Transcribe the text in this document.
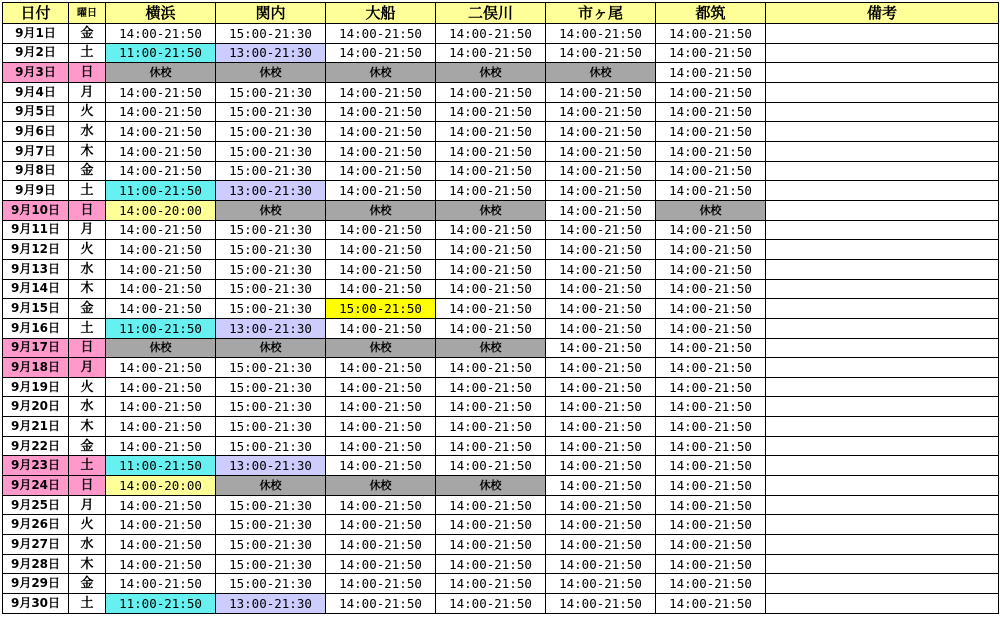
日付	曜日	横浜	関内	大船	二俣川	市ヶ尾	都筑	備考
9月1日	金	14:00-21:50	15:00-21:30	14:00-21:50	14:00-21:50	14:00-21:50	14:00-21:50	
9月2日	土	11:00-21:50	13:00-21:30	14:00-21:50	14:00-21:50	14:00-21:50	14:00-21:50	
9月3日	日	休校	休校	休校	休校	休校	14:00-21:50	
9月4日	月	14:00-21:50	15:00-21:30	14:00-21:50	14:00-21:50	14:00-21:50	14:00-21:50	
9月5日	火	14:00-21:50	15:00-21:30	14:00-21:50	14:00-21:50	14:00-21:50	14:00-21:50	
9月6日	水	14:00-21:50	15:00-21:30	14:00-21:50	14:00-21:50	14:00-21:50	14:00-21:50	
9月7日	木	14:00-21:50	15:00-21:30	14:00-21:50	14:00-21:50	14:00-21:50	14:00-21:50	
9月8日	金	14:00-21:50	15:00-21:30	14:00-21:50	14:00-21:50	14:00-21:50	14:00-21:50	
9月9日	土	11:00-21:50	13:00-21:30	14:00-21:50	14:00-21:50	14:00-21:50	14:00-21:50	
9月10日	日	14:00-20:00	休校	休校	休校	14:00-21:50	休校	
9月11日	月	14:00-21:50	15:00-21:30	14:00-21:50	14:00-21:50	14:00-21:50	14:00-21:50	
9月12日	火	14:00-21:50	15:00-21:30	14:00-21:50	14:00-21:50	14:00-21:50	14:00-21:50	
9月13日	水	14:00-21:50	15:00-21:30	14:00-21:50	14:00-21:50	14:00-21:50	14:00-21:50	
9月14日	木	14:00-21:50	15:00-21:30	14:00-21:50	14:00-21:50	14:00-21:50	14:00-21:50	
9月15日	金	14:00-21:50	15:00-21:30	15:00-21:50	14:00-21:50	14:00-21:50	14:00-21:50	
9月16日	土	11:00-21:50	13:00-21:30	14:00-21:50	14:00-21:50	14:00-21:50	14:00-21:50	
9月17日	日	休校	休校	休校	休校	14:00-21:50	14:00-21:50	
9月18日	月	14:00-21:50	15:00-21:30	14:00-21:50	14:00-21:50	14:00-21:50	14:00-21:50	
9月19日	火	14:00-21:50	15:00-21:30	14:00-21:50	14:00-21:50	14:00-21:50	14:00-21:50	
9月20日	水	14:00-21:50	15:00-21:30	14:00-21:50	14:00-21:50	14:00-21:50	14:00-21:50	
9月21日	木	14:00-21:50	15:00-21:30	14:00-21:50	14:00-21:50	14:00-21:50	14:00-21:50	
9月22日	金	14:00-21:50	15:00-21:30	14:00-21:50	14:00-21:50	14:00-21:50	14:00-21:50	
9月23日	土	11:00-21:50	13:00-21:30	14:00-21:50	14:00-21:50	14:00-21:50	14:00-21:50	
9月24日	日	14:00-20:00	休校	休校	休校	14:00-21:50	14:00-21:50	
9月25日	月	14:00-21:50	15:00-21:30	14:00-21:50	14:00-21:50	14:00-21:50	14:00-21:50	
9月26日	火	14:00-21:50	15:00-21:30	14:00-21:50	14:00-21:50	14:00-21:50	14:00-21:50	
9月27日	水	14:00-21:50	15:00-21:30	14:00-21:50	14:00-21:50	14:00-21:50	14:00-21:50	
9月28日	木	14:00-21:50	15:00-21:30	14:00-21:50	14:00-21:50	14:00-21:50	14:00-21:50	
9月29日	金	14:00-21:50	15:00-21:30	14:00-21:50	14:00-21:50	14:00-21:50	14:00-21:50	
9月30日	土	11:00-21:50	13:00-21:30	14:00-21:50	14:00-21:50	14:00-21:50	14:00-21:50	
